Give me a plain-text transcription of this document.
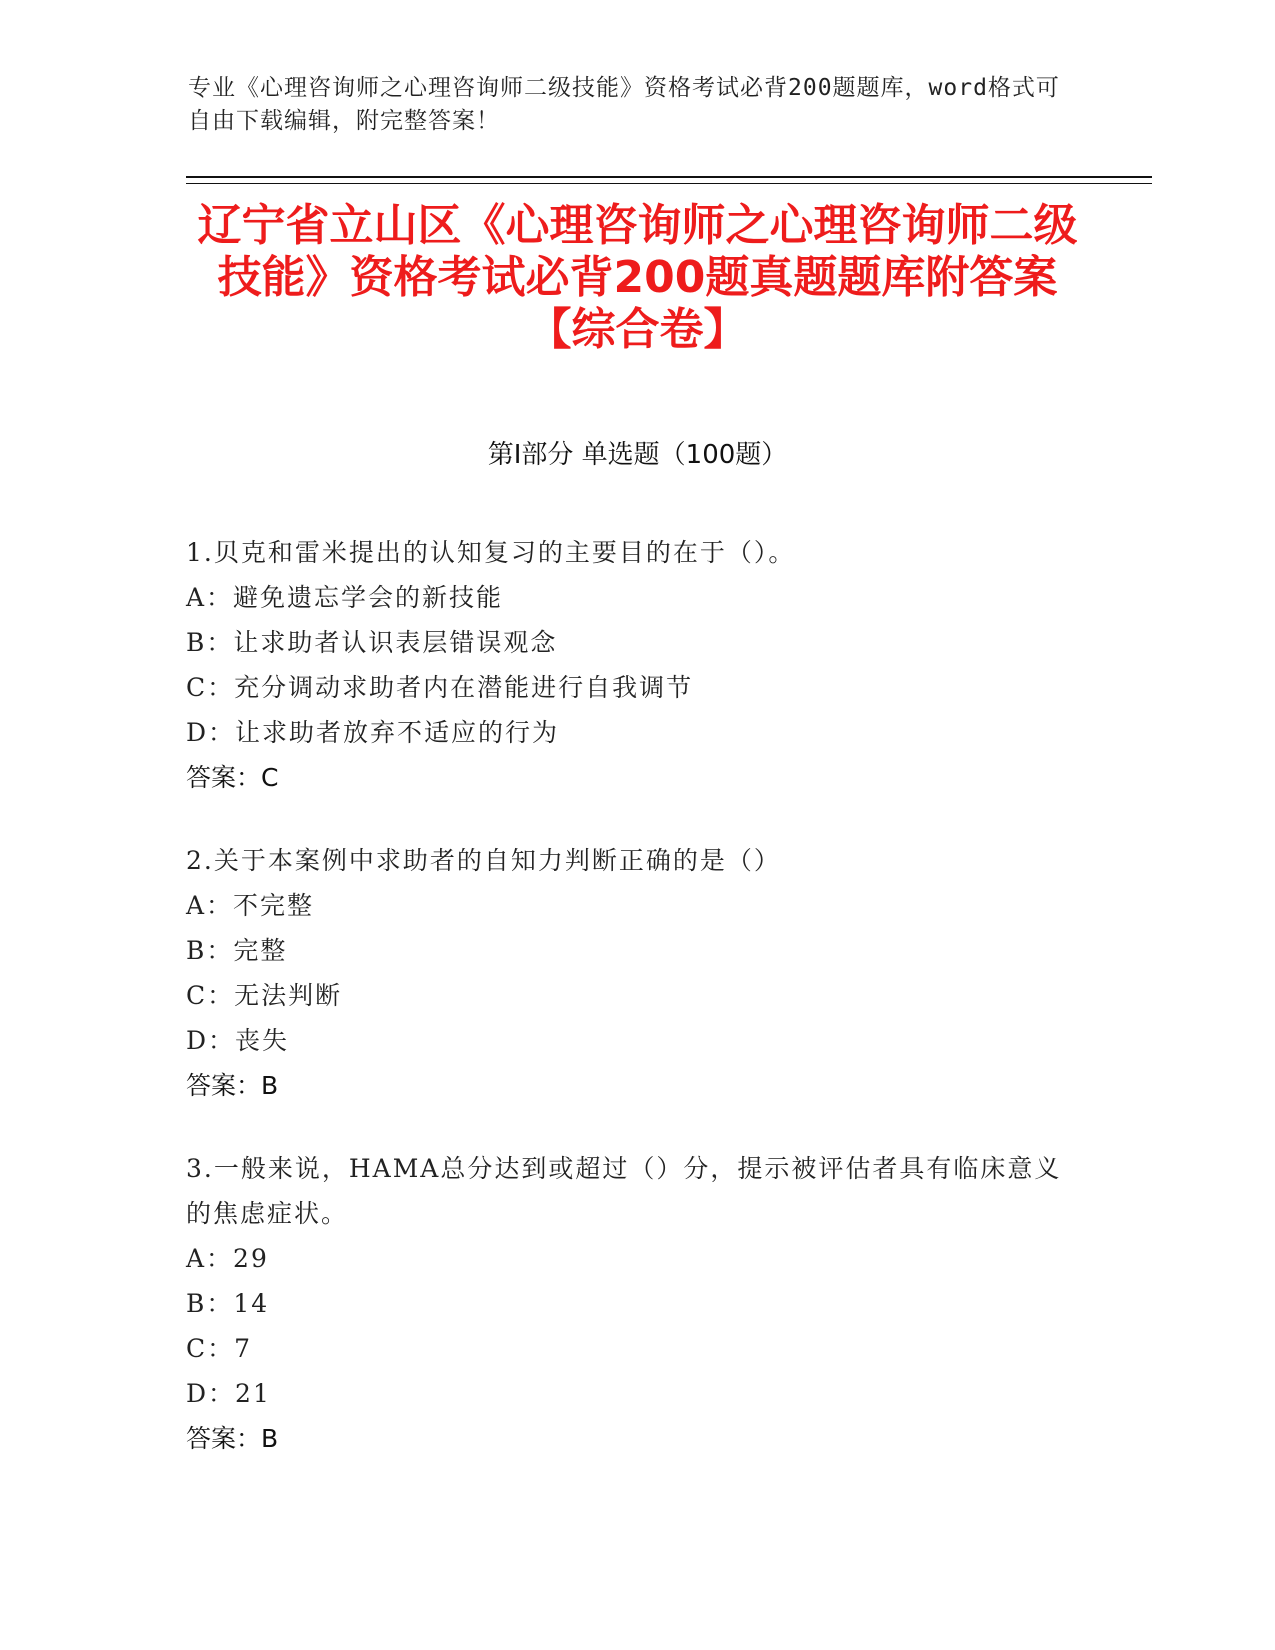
专业《心理咨询师之心理咨询师二级技能》资格考试必背200题题库，word格式可自由下载编辑，附完整答案！
辽宁省立山区《心理咨询师之心理咨询师二级技能》资格考试必背200题真题题库附答案【综合卷】
第Ⅰ部分 单选题（100题）
1.贝克和雷米提出的认知复习的主要目的在于（）。
A：避免遗忘学会的新技能
B：让求助者认识表层错误观念
C：充分调动求助者内在潜能进行自我调节
D：让求助者放弃不适应的行为
答案：C
2.关于本案例中求助者的自知力判断正确的是（）
A：不完整
B：完整
C：无法判断
D：丧失
答案：B
3.一般来说，HAMA总分达到或超过（）分，提示被评估者具有临床意义的焦虑症状。
A：29
B：14
C：7
D：21
答案：B
